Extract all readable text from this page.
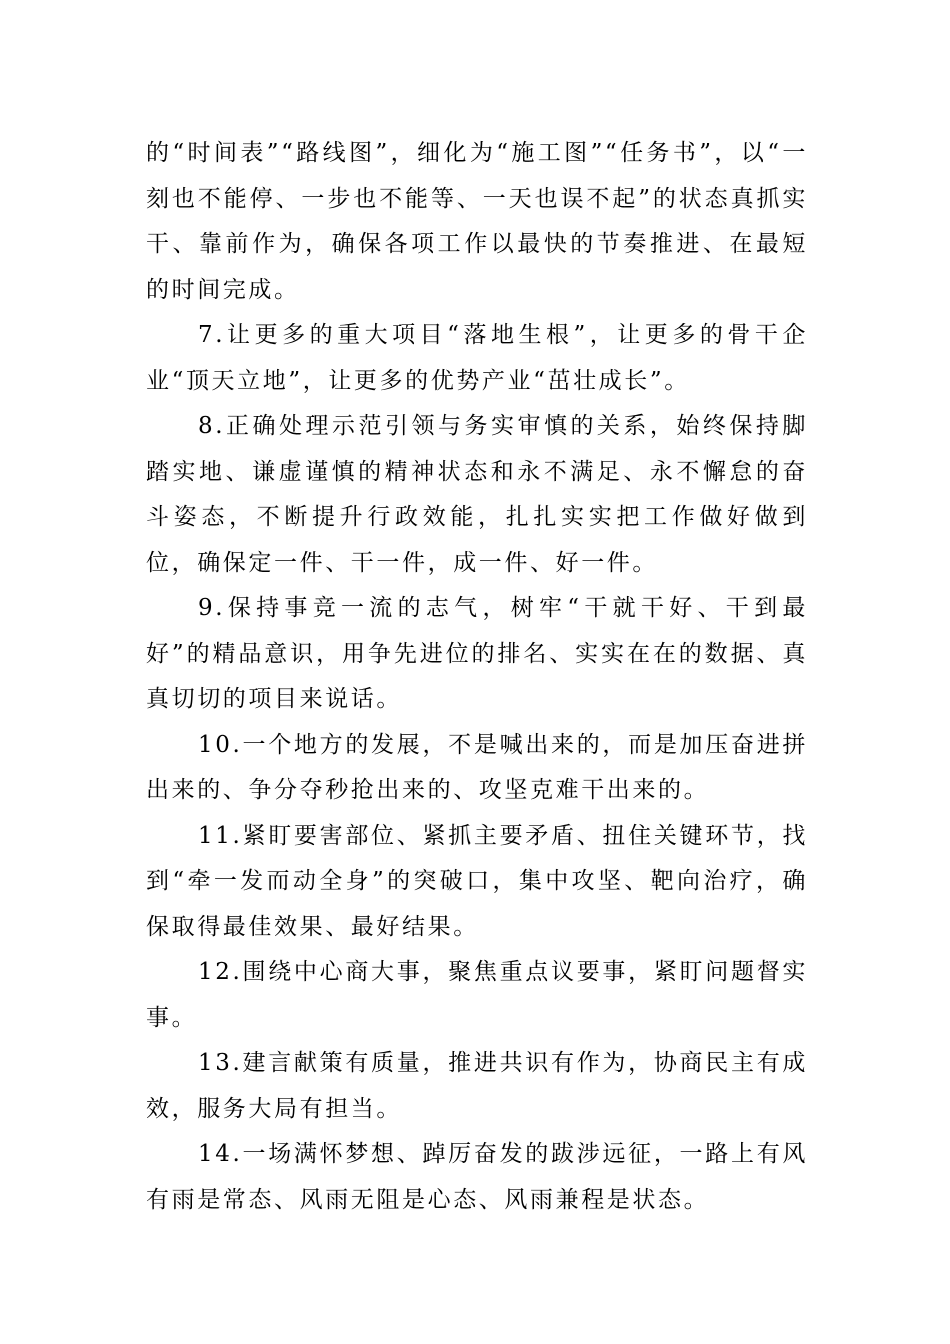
的“时间表”“路线图”，细化为“施工图”“任务书”，以“一刻也不能停、一步也不能等、一天也误不起”的状态真抓实干、靠前作为，确保各项工作以最快的节奏推进、在最短的时间完成。

7.让更多的重大项目“落地生根”，让更多的骨干企业“顶天立地”，让更多的优势产业“茁壮成长”。

8.正确处理示范引领与务实审慎的关系，始终保持脚踏实地、谦虚谨慎的精神状态和永不满足、永不懈怠的奋斗姿态，不断提升行政效能，扎扎实实把工作做好做到位，确保定一件、干一件，成一件、好一件。

9.保持事竞一流的志气，树牢“干就干好、干到最好”的精品意识，用争先进位的排名、实实在在的数据、真真切切的项目来说话。

10.一个地方的发展，不是喊出来的，而是加压奋进拼出来的、争分夺秒抢出来的、攻坚克难干出来的。

11.紧盯要害部位、紧抓主要矛盾、扭住关键环节，找到“牵一发而动全身”的突破口，集中攻坚、靶向治疗，确保取得最佳效果、最好结果。

12.围绕中心商大事，聚焦重点议要事，紧盯问题督实事。

13.建言献策有质量，推进共识有作为，协商民主有成效，服务大局有担当。

14.一场满怀梦想、踔厉奋发的跋涉远征，一路上有风有雨是常态、风雨无阻是心态、风雨兼程是状态。
